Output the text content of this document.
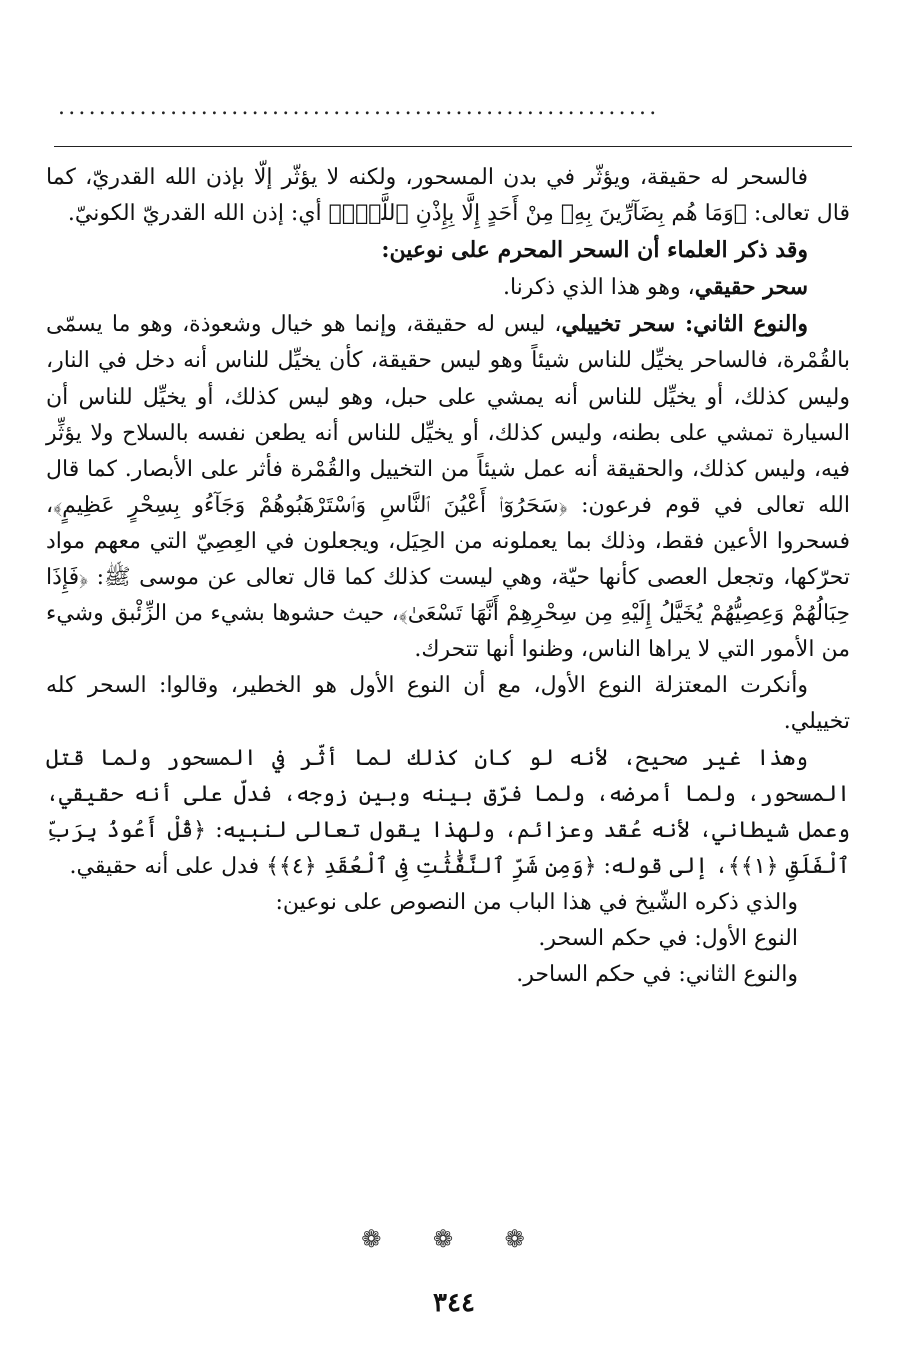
...........................................................

فالسحر له حقيقة، ويؤثّر في بدن المسحور، ولكنه لا يؤثّر إلّا بإذن الله القدريّ، كما قال تعالى: ﴿وَمَا هُم بِضَآرِّينَ بِهِۦ مِنْ أَحَدٍ إِلَّا بِإِذْنِ ٱللَّهِۚ﴾ أي: إذن الله القدريّ الكونيّ.

وقد ذكر العلماء أن السحر المحرم على نوعين:

سحر حقيقي، وهو هذا الذي ذكرنا.

والنوع الثاني: سحر تخييلي، ليس له حقيقة، وإنما هو خيال وشعوذة، وهو ما يسمّى بالقُمْرة، فالساحر يخيِّل للناس شيئاً وهو ليس حقيقة، كأن يخيِّل للناس أنه دخل في النار، وليس كذلك، أو يخيِّل للناس أنه يمشي على حبل، وهو ليس كذلك، أو يخيِّل للناس أن السيارة تمشي على بطنه، وليس كذلك، أو يخيِّل للناس أنه يطعن نفسه بالسلاح ولا يؤثِّر فيه، وليس كذلك، والحقيقة أنه عمل شيئاً من التخييل والقُمْرة فأثر على الأبصار. كما قال الله تعالى في قوم فرعون: ﴿سَحَرُوٓا۟ أَعْيُنَ ٱلنَّاسِ وَٱسْتَرْهَبُوهُمْ وَجَآءُو بِسِحْرٍ عَظِيمٍ﴾، فسحروا الأعين فقط، وذلك بما يعملونه من الحِيَل، ويجعلون في العِصِيّ التي معهم مواد تحرّكها، وتجعل العصى كأنها حيّة، وهي ليست كذلك كما قال تعالى عن موسى ﷺ: ﴿فَإِذَا حِبَالُهُمْ وَعِصِيُّهُمْ يُخَيَّلُ إِلَيْهِ مِن سِحْرِهِمْ أَنَّهَا تَسْعَىٰ﴾، حيث حشوها بشيء من الزِّئْبق وشيء من الأمور التي لا يراها الناس، وظنوا أنها تتحرك.

وأنكرت المعتزلة النوع الأول، مع أن النوع الأول هو الخطير، وقالوا: السحر كله تخييلي.

وهذا غير صحيح، لأنه لو كان كذلك لما أثّر في المسحور ولما قتل المسحور، ولما أمرضه، ولما فرّق بينه وبين زوجه، فدلّ على أنه حقيقي، وعمل شيطاني، لأنه عُقد وعزائم، ولهذا يقول تعالى لنبيه: ﴿قُلْ أَعُوذُ بِرَبِّ ٱلْفَلَقِ ﴿١﴾﴾، إلى قوله: ﴿وَمِن شَرِّ ٱلنَّفَّٰثَٰتِ فِى ٱلْعُقَدِ ﴿٤﴾﴾ فدل على أنه حقيقي.

والذي ذكره الشّيخ في هذا الباب من النصوص على نوعين:

النوع الأول: في حكم السحر.

والنوع الثاني: في حكم الساحر.

❁ ❁ ❁
٣٤٤
